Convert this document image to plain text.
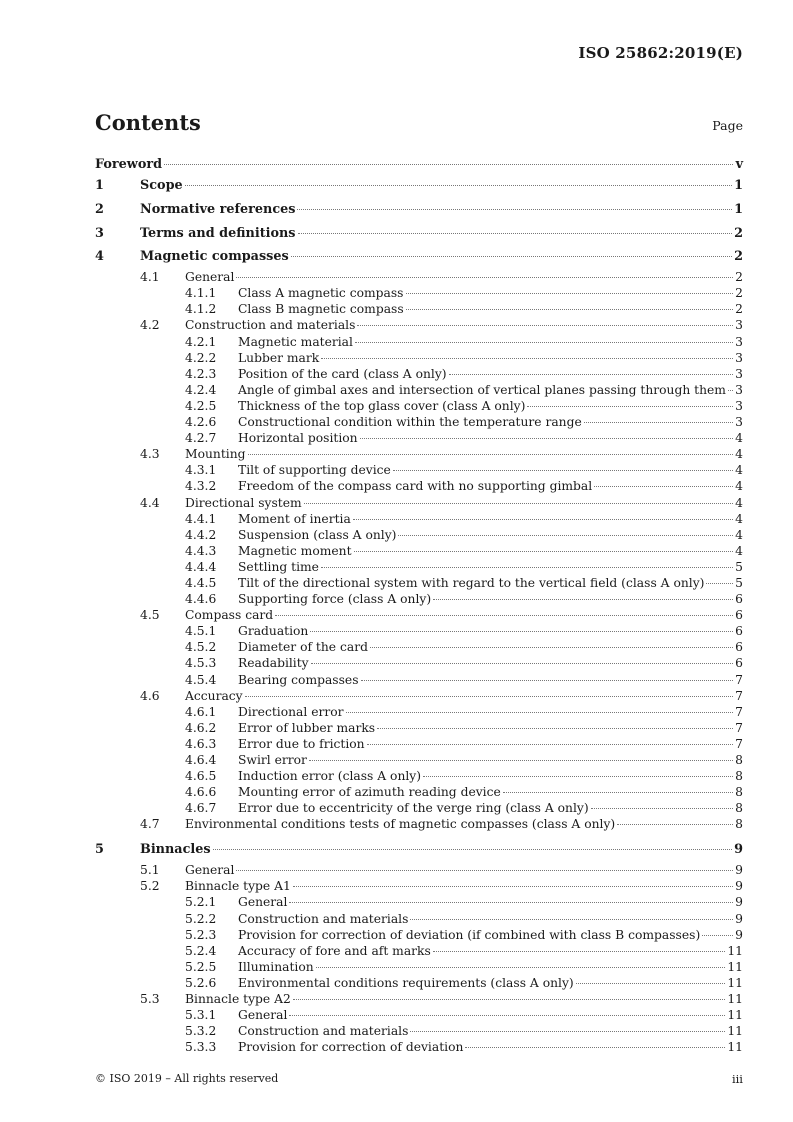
ISO 25862:2019(E)
Contents	Page
Foreword	v
1	Scope	1
2	Normative references	1
3	Terms and definitions	2
4	Magnetic compasses	2
4.1	General	2
4.1.1	Class A magnetic compass	2
4.1.2	Class B magnetic compass	2
4.2	Construction and materials	3
4.2.1	Magnetic material	3
4.2.2	Lubber mark	3
4.2.3	Position of the card (class A only)	3
4.2.4	Angle of gimbal axes and intersection of vertical planes passing through them 3
4.2.5	Thickness of the top glass cover (class A only)	3
4.2.6	Constructional condition within the temperature range	3
4.2.7	Horizontal position	4
4.3	Mounting	4
4.3.1	Tilt of supporting device	4
4.3.2	Freedom of the compass card with no supporting gimbal	4
4.4	Directional system	4
4.4.1	Moment of inertia	4
4.4.2	Suspension (class A only)	4
4.4.3	Magnetic moment	4
4.4.4	Settling time	5
4.4.5	Tilt of the directional system with regard to the vertical field (class A only) 5
4.4.6	Supporting force (class A only)	6
4.5	Compass card	6
4.5.1	Graduation	6
4.5.2	Diameter of the card	6
4.5.3	Readability	6
4.5.4	Bearing compasses	7
4.6	Accuracy	7
4.6.1	Directional error	7
4.6.2	Error of lubber marks	7
4.6.3	Error due to friction	7
4.6.4	Swirl error	8
4.6.5	Induction error (class A only)	8
4.6.6	Mounting error of azimuth reading device	8
4.6.7	Error due to eccentricity of the verge ring (class A only)	8
4.7	Environmental conditions tests of magnetic compasses (class A only)	8
5	Binnacles	9
5.1	General	9
5.2	Binnacle type A1	9
5.2.1	General	9
5.2.2	Construction and materials	9
5.2.3	Provision for correction of deviation (if combined with class B compasses)	9
5.2.4	Accuracy of fore and aft marks	11
5.2.5	Illumination	11
5.2.6	Environmental conditions requirements (class A only)	11
5.3	Binnacle type A2	11
5.3.1	General	11
5.3.2	Construction and materials	11
5.3.3	Provision for correction of deviation	11
© ISO 2019 – All rights reserved	iii
